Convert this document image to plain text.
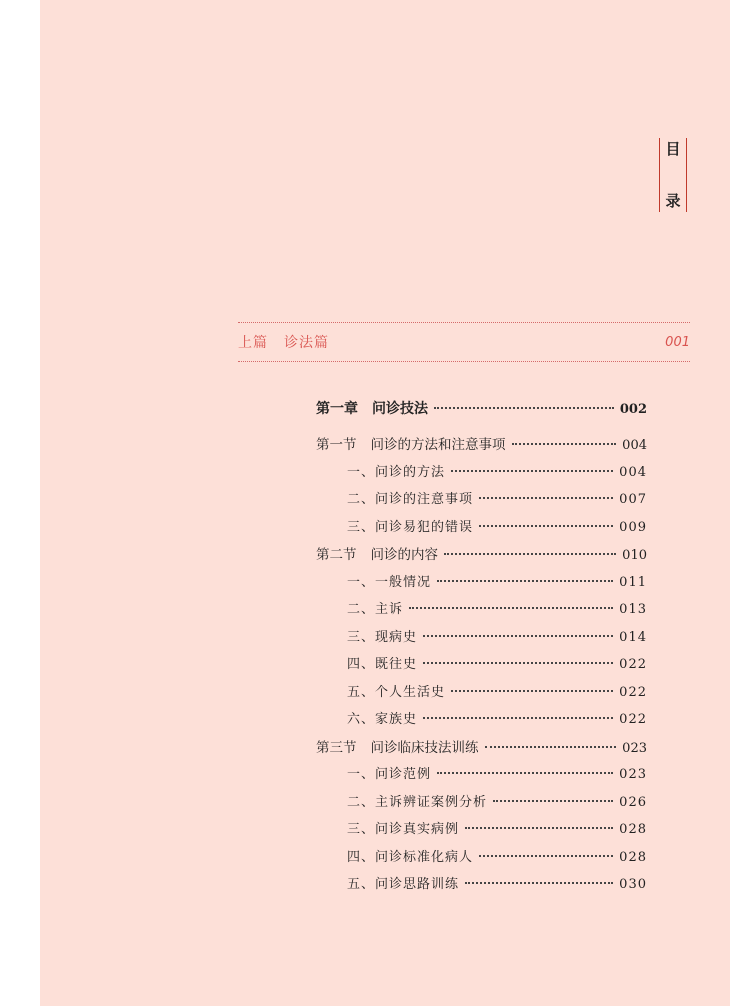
目
录
上篇 诊法篇	001
第一章 问诊技法	002
第一节 问诊的方法和注意事项	004
一、问诊的方法	004
二、问诊的注意事项	007
三、问诊易犯的错误	009
第二节 问诊的内容	010
一、一般情况	011
二、主诉	013
三、现病史	014
四、既往史	022
五、个人生活史	022
六、家族史	022
第三节 问诊临床技法训练	023
一、问诊范例	023
二、主诉辨证案例分析	026
三、问诊真实病例	028
四、问诊标准化病人	028
五、问诊思路训练	030
